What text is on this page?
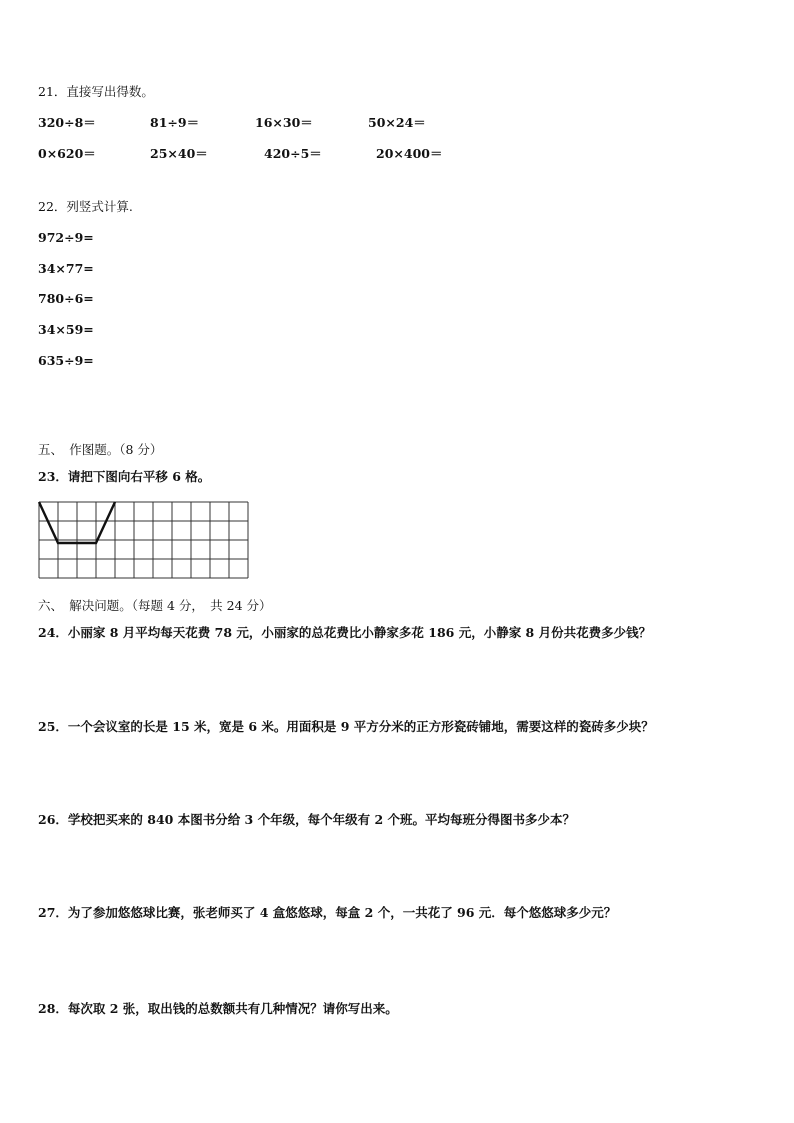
21．直接写出得数。
320÷8＝	81÷9＝	16×30＝	50×24＝
0×620＝	25×40＝	420÷5＝	20×400＝
22．列竖式计算.
972÷9=
34×77=
780÷6=
34×59=
635÷9=
五、　作图题。（8 分）
23．请把下图向右平移 6 格。
六、　解决问题。（每题 4 分，　共 24 分）
24．小丽家 8 月平均每天花费 78 元，小丽家的总花费比小静家多花 186 元，小静家 8 月份共花费多少钱？
25．一个会议室的长是 15 米，宽是 6 米。用面积是 9 平方分米的正方形瓷砖铺地，需要这样的瓷砖多少块？
26．学校把买来的 840 本图书分给 3 个年级，每个年级有 2 个班。平均每班分得图书多少本？
27．为了参加悠悠球比赛，张老师买了 4 盒悠悠球，每盒 2 个，一共花了 96 元．每个悠悠球多少元？
28．每次取 2 张，取出钱的总数额共有几种情况？请你写出来。
